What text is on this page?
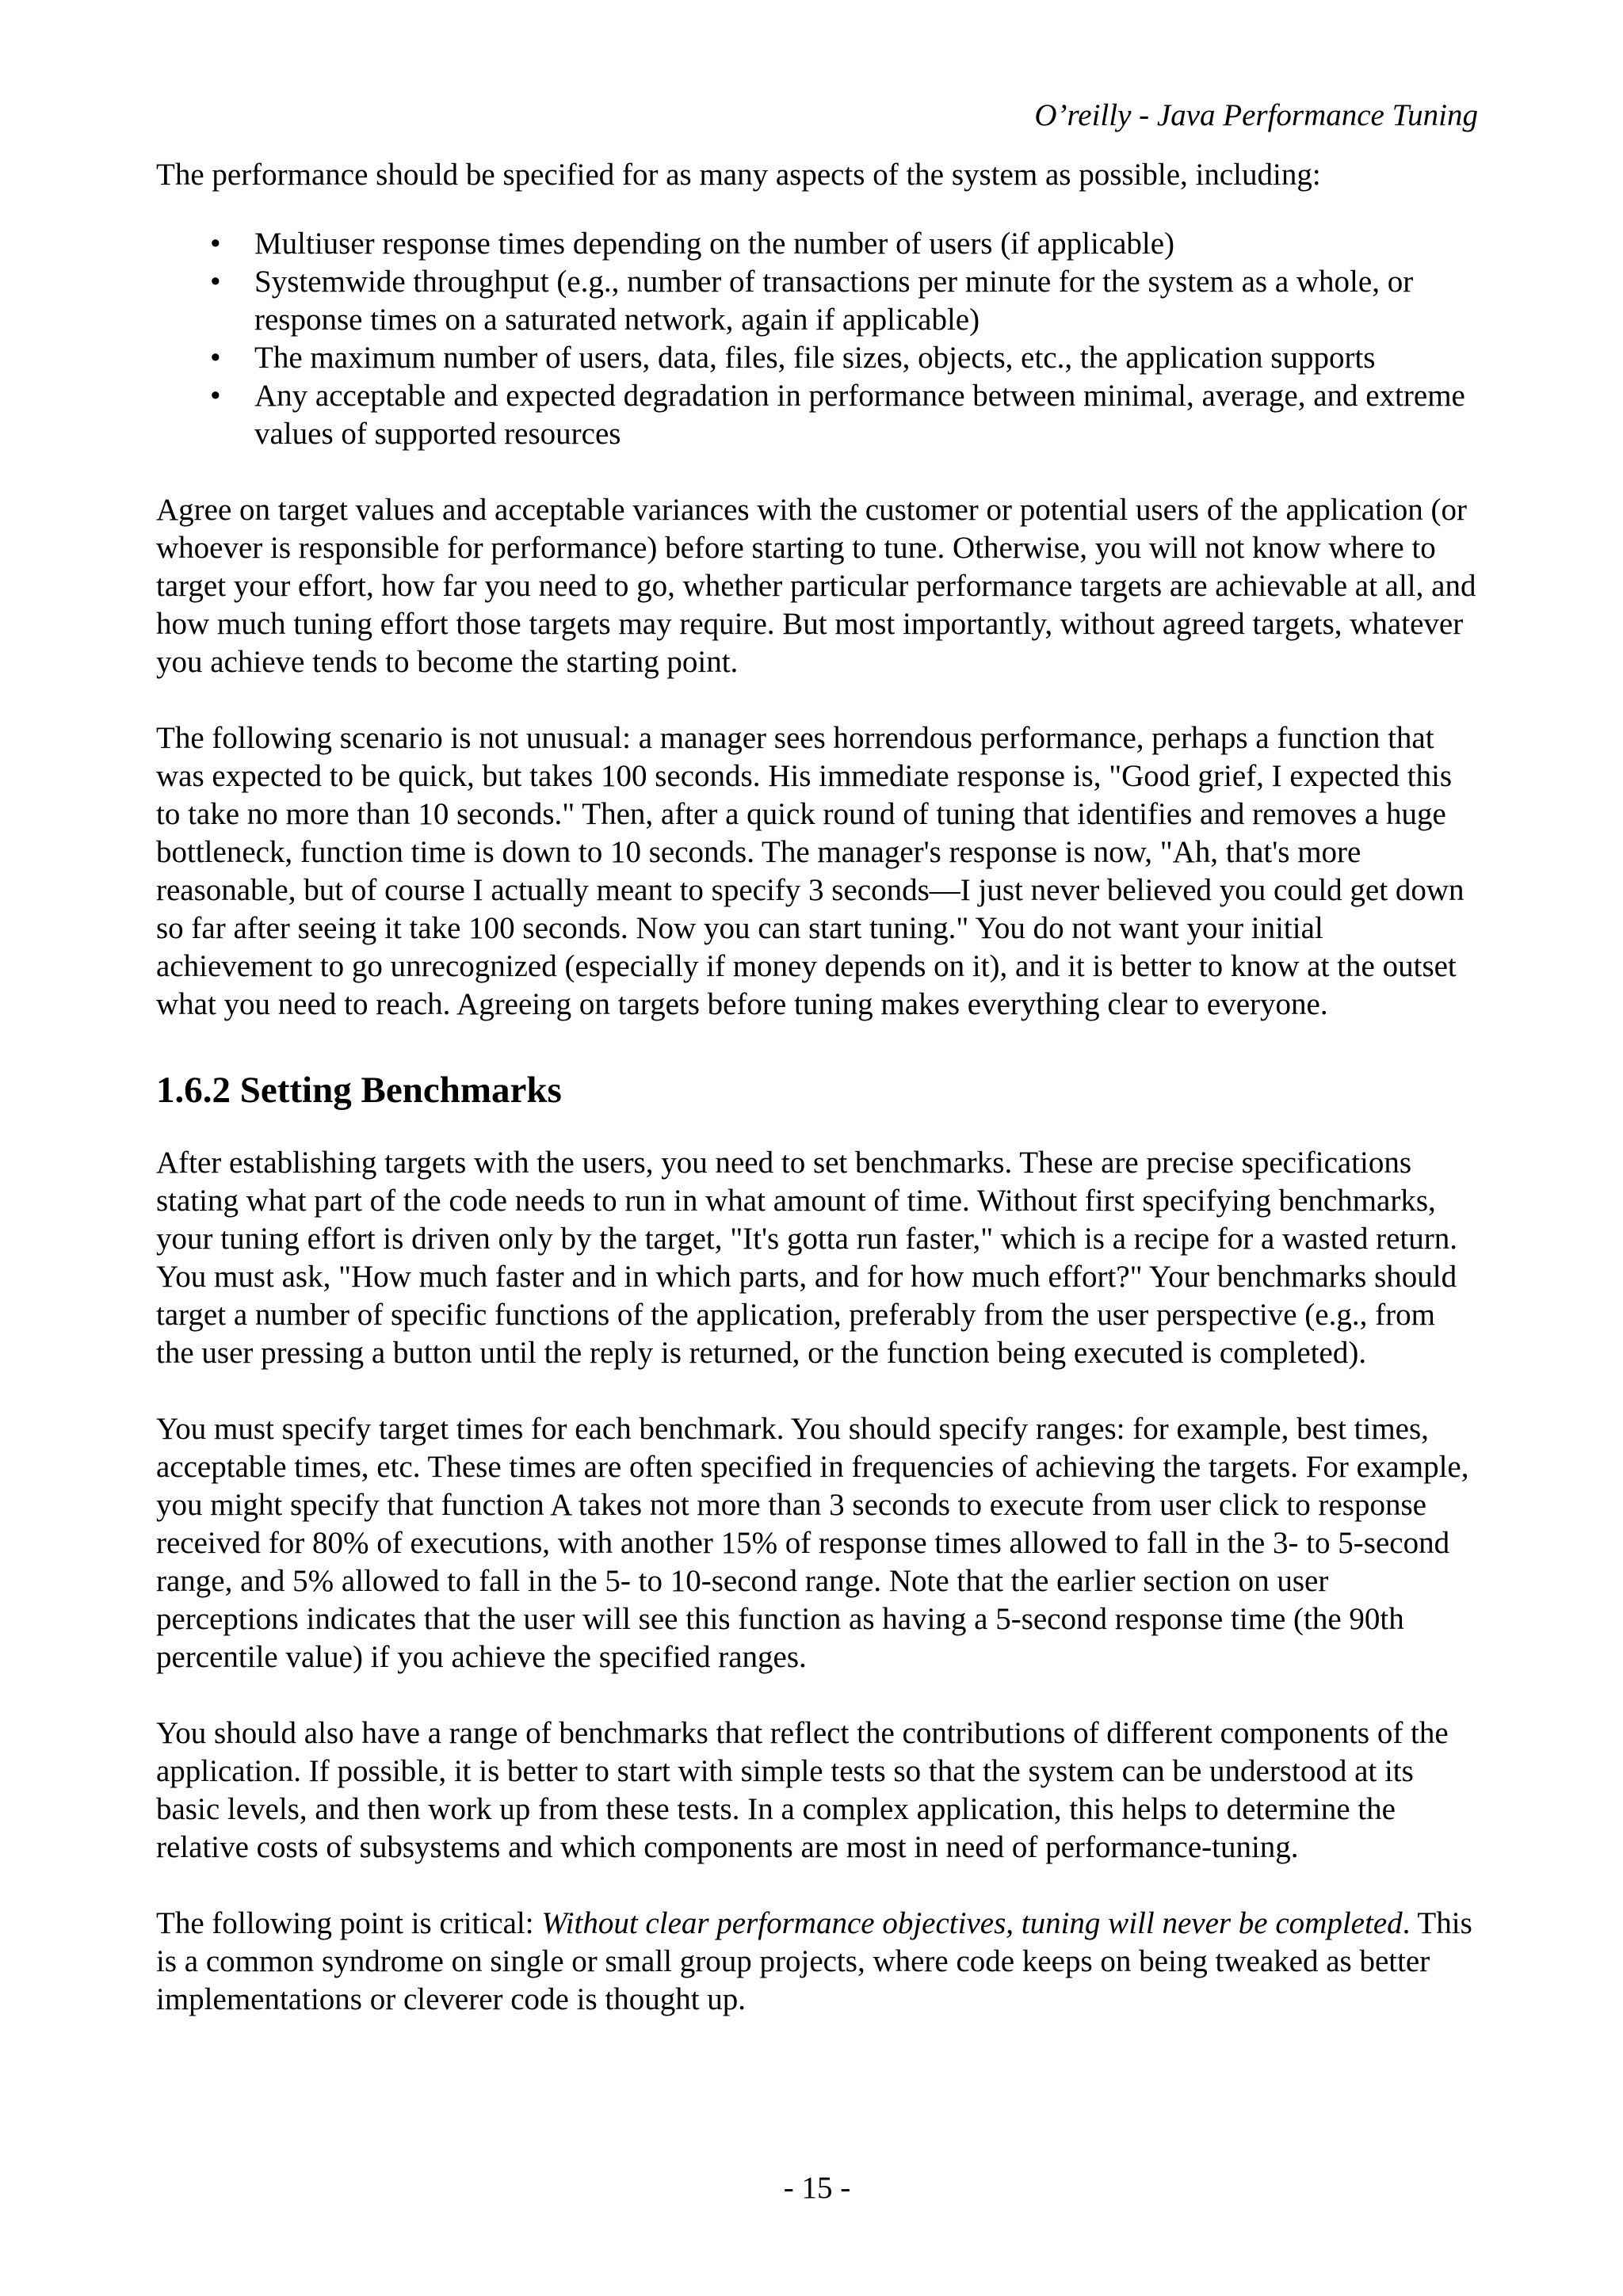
O’reilly - Java Performance Tuning

The performance should be specified for as many aspects of the system as possible, including:

• Multiuser response times depending on the number of users (if applicable)
• Systemwide throughput (e.g., number of transactions per minute for the system as a whole, or response times on a saturated network, again if applicable)
• The maximum number of users, data, files, file sizes, objects, etc., the application supports
• Any acceptable and expected degradation in performance between minimal, average, and extreme values of supported resources

Agree on target values and acceptable variances with the customer or potential users of the application (or whoever is responsible for performance) before starting to tune. Otherwise, you will not know where to target your effort, how far you need to go, whether particular performance targets are achievable at all, and how much tuning effort those targets may require. But most importantly, without agreed targets, whatever you achieve tends to become the starting point.

The following scenario is not unusual: a manager sees horrendous performance, perhaps a function that was expected to be quick, but takes 100 seconds. His immediate response is, "Good grief, I expected this to take no more than 10 seconds." Then, after a quick round of tuning that identifies and removes a huge bottleneck, function time is down to 10 seconds. The manager's response is now, "Ah, that's more reasonable, but of course I actually meant to specify 3 seconds—I just never believed you could get down so far after seeing it take 100 seconds. Now you can start tuning." You do not want your initial achievement to go unrecognized (especially if money depends on it), and it is better to know at the outset what you need to reach. Agreeing on targets before tuning makes everything clear to everyone.

1.6.2 Setting Benchmarks

After establishing targets with the users, you need to set benchmarks. These are precise specifications stating what part of the code needs to run in what amount of time. Without first specifying benchmarks, your tuning effort is driven only by the target, "It's gotta run faster," which is a recipe for a wasted return. You must ask, "How much faster and in which parts, and for how much effort?" Your benchmarks should target a number of specific functions of the application, preferably from the user perspective (e.g., from the user pressing a button until the reply is returned, or the function being executed is completed).

You must specify target times for each benchmark. You should specify ranges: for example, best times, acceptable times, etc. These times are often specified in frequencies of achieving the targets. For example, you might specify that function A takes not more than 3 seconds to execute from user click to response received for 80% of executions, with another 15% of response times allowed to fall in the 3- to 5-second range, and 5% allowed to fall in the 5- to 10-second range. Note that the earlier section on user perceptions indicates that the user will see this function as having a 5-second response time (the 90th percentile value) if you achieve the specified ranges.

You should also have a range of benchmarks that reflect the contributions of different components of the application. If possible, it is better to start with simple tests so that the system can be understood at its basic levels, and then work up from these tests. In a complex application, this helps to determine the relative costs of subsystems and which components are most in need of performance-tuning.

The following point is critical: Without clear performance objectives, tuning will never be completed. This is a common syndrome on single or small group projects, where code keeps on being tweaked as better implementations or cleverer code is thought up.

- 15 -
